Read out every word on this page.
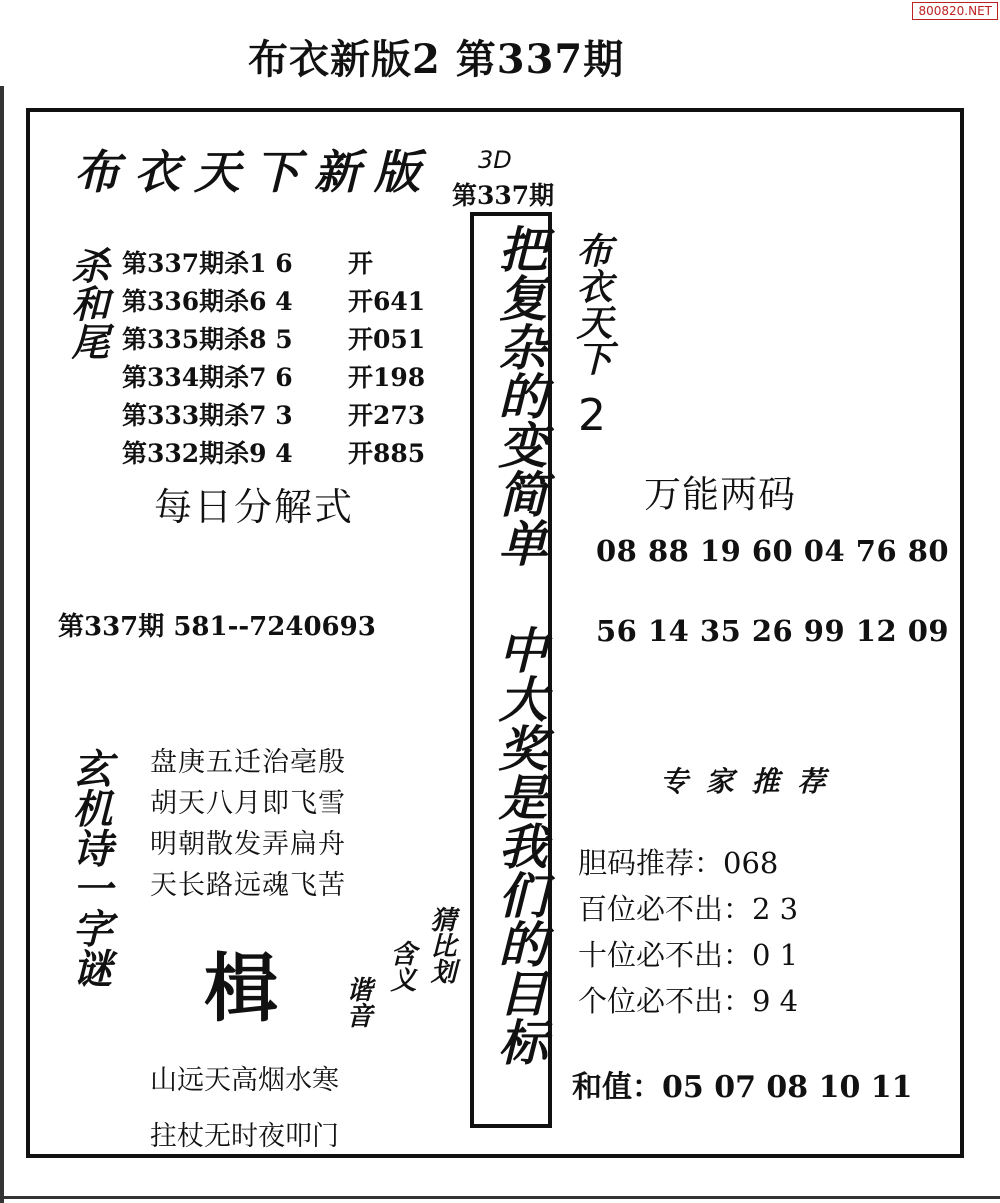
布衣新版2 第337期
800820.NET
布衣天下新版 3D
第337期
杀和尾 第337期杀1 6 开
第336期杀6 4 开641
第335期杀8 5 开051
第334期杀7 6 开198
第333期杀7 3 开273
第332期杀9 4 开885
每日分解式
第337期 581--7240693
玄机诗一字谜 盘庚五迁治亳殷
胡天八月即飞雪
明朝散发弄扁舟
天长路远魂飞苦
楫
猜比划
含义
谐音
山远天高烟水寒
拄杖无时夜叩门
把复杂的变简单 中大奖是我们的目标 布衣天下
2
万能两码
08 88 19 60 04 76 80
56 14 35 26 99 12 09
专 家 推 荐
胆码推荐：068
百位必不出：2 3
十位必不出：0 1
个位必不出：9 4
和值：05 07 08 10 11
